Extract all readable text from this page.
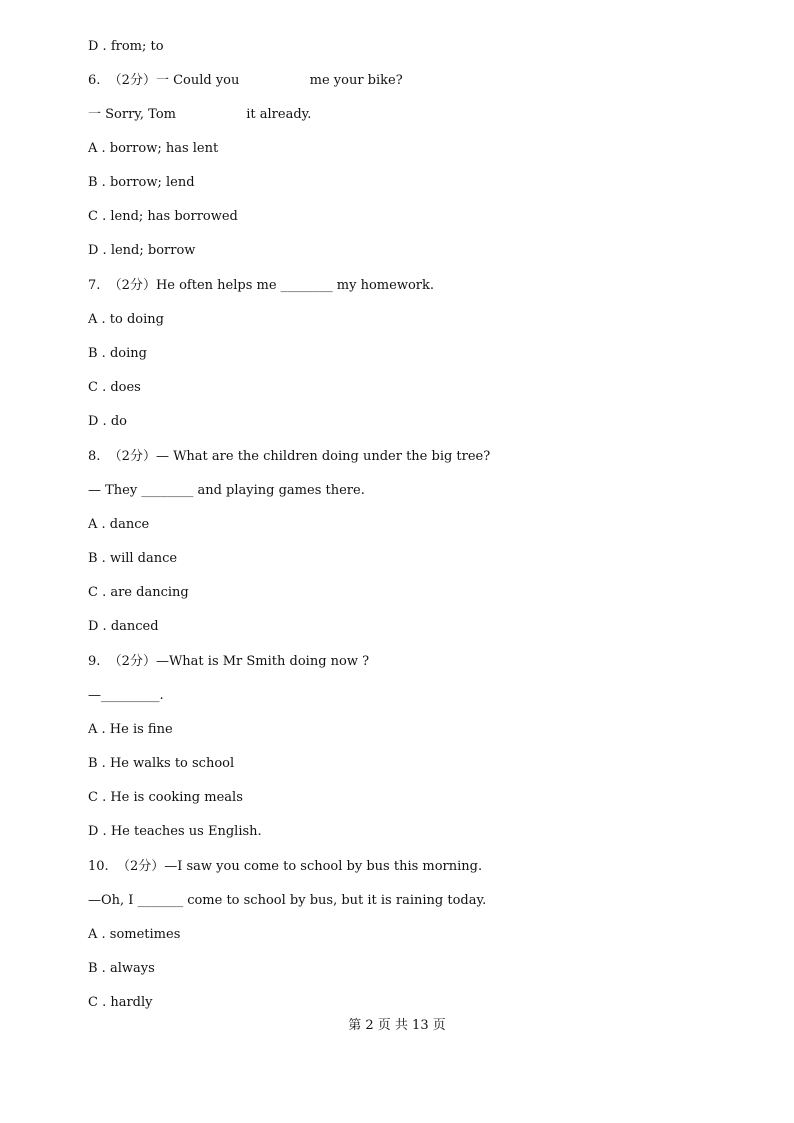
D . from; to
6.  （2分）一 Could you                 me your bike?
一 Sorry, Tom                 it already.
A . borrow; has lent
B . borrow; lend
C . lend; has borrowed
D . lend; borrow
7.  （2分）He often helps me ________ my homework.
A . to doing
B . doing
C . does
D . do
8.  （2分）— What are the children doing under the big tree?
— They ________ and playing games there.
A . dance
B . will dance
C . are dancing
D . danced
9.  （2分）—What is Mr Smith doing now ?
—_________.
A . He is fine
B . He walks to school
C . He is cooking meals
D . He teaches us English.
10.  （2分）—I saw you come to school by bus this morning.
—Oh, I _______ come to school by bus, but it is raining today.
A . sometimes
B . always
C . hardly
第 2 页 共 13 页
